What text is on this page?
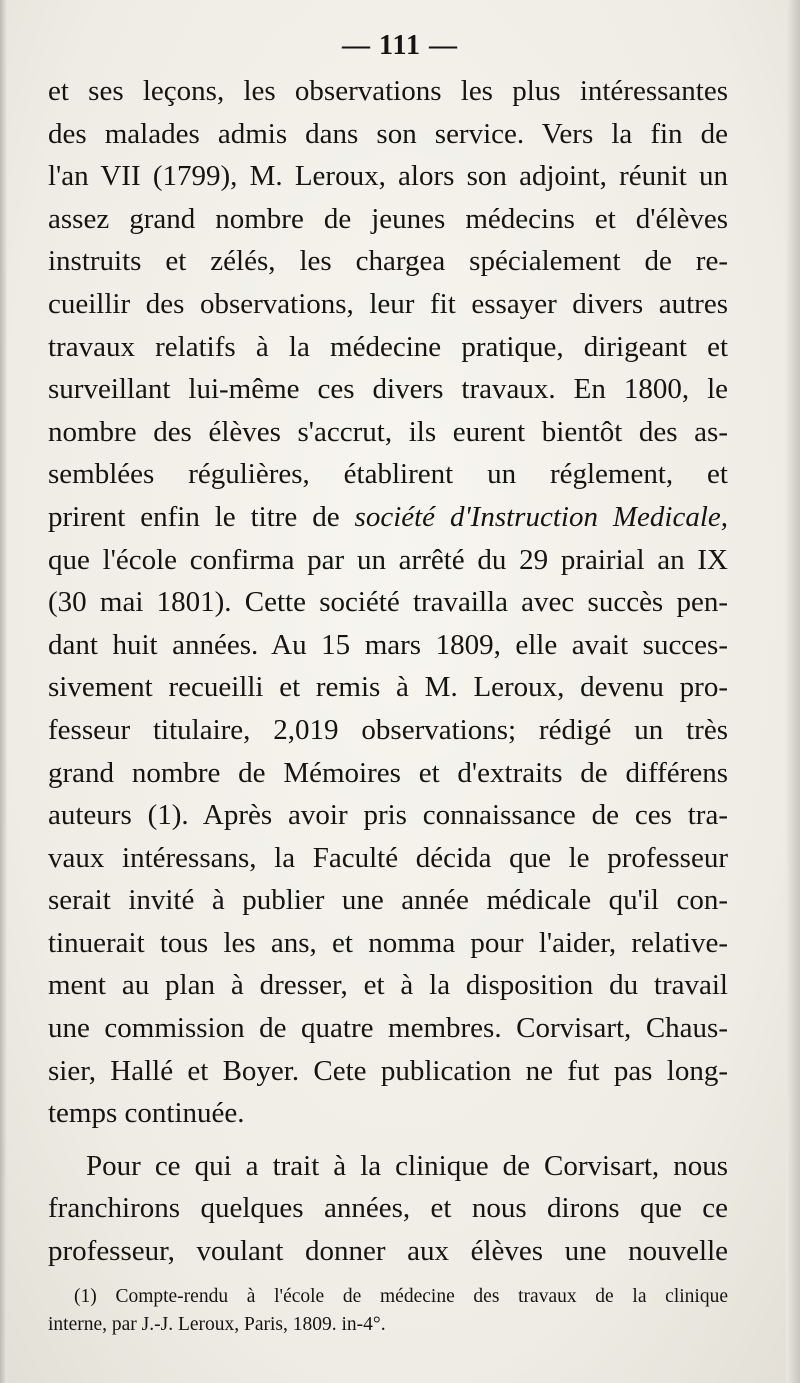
— 111 —
et ses leçons, les observations les plus intéressantes
des malades admis dans son service. Vers la fin de
l'an VII (1799), M. Leroux, alors son adjoint, réunit un
assez grand nombre de jeunes médecins et d'élèves
instruits et zélés, les chargea spécialement de re-
cueillir des observations, leur fit essayer divers autres
travaux relatifs à la médecine pratique, dirigeant et
surveillant lui-même ces divers travaux. En 1800, le
nombre des élèves s'accrut, ils eurent bientôt des as-
semblées régulières, établirent un réglement, et
prirent enfin le titre de société d'Instruction Medicale,
que l'école confirma par un arrêté du 29 prairial an IX
(30 mai 1801). Cette société travailla avec succès pen-
dant huit années. Au 15 mars 1809, elle avait succes-
sivement recueilli et remis à M. Leroux, devenu pro-
fesseur titulaire, 2,019 observations; rédigé un très
grand nombre de Mémoires et d'extraits de différens
auteurs (1). Après avoir pris connaissance de ces tra-
vaux intéressans, la Faculté décida que le professeur
serait invité à publier une année médicale qu'il con-
tinuerait tous les ans, et nomma pour l'aider, relative-
ment au plan à dresser, et à la disposition du travail
une commission de quatre membres. Corvisart, Chaus-
sier, Hallé et Boyer. Cete publication ne fut pas long-
temps continuée.
Pour ce qui a trait à la clinique de Corvisart, nous
franchirons quelques années, et nous dirons que ce
professeur, voulant donner aux élèves une nouvelle
(1) Compte-rendu à l'école de médecine des travaux de la clinique
interne, par J.-J. Leroux, Paris, 1809. in-4°.
